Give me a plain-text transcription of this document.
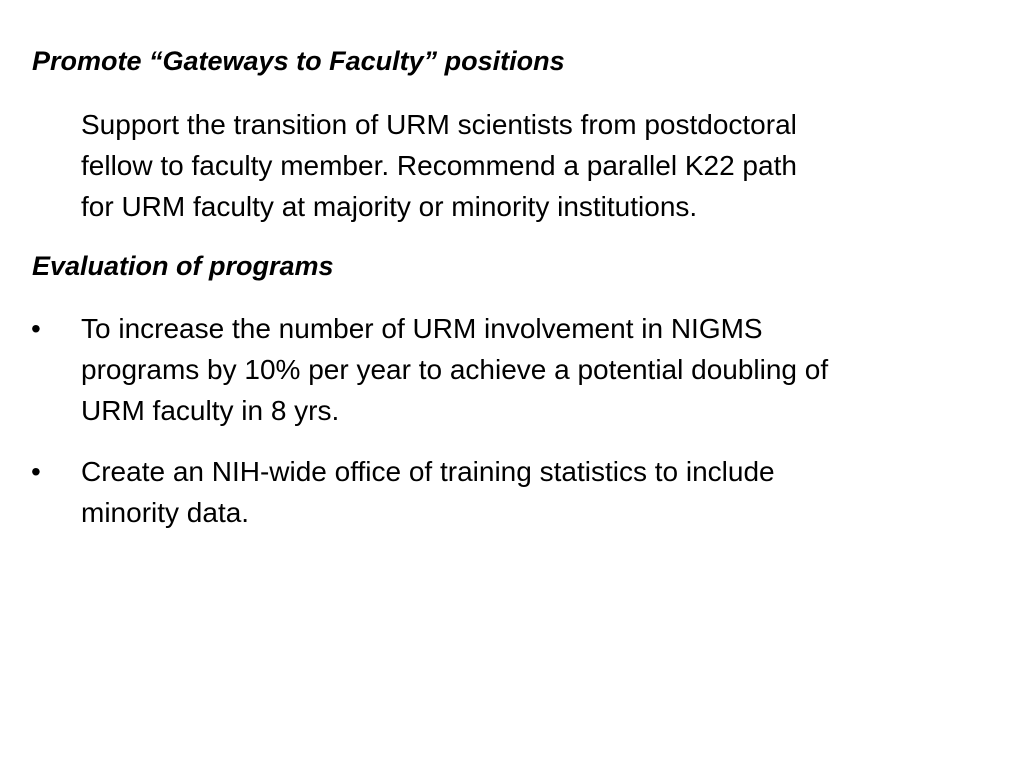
Promote “Gateways to Faculty” positions
Support the transition of URM scientists from postdoctoral
fellow to faculty member. Recommend a parallel K22 path
for URM faculty at majority or minority institutions.
Evaluation of programs
• To increase the number of URM involvement in NIGMS
programs by 10% per year to achieve a potential doubling of
URM faculty in 8 yrs.
• Create an NIH-wide office of training statistics to include
minority data.
